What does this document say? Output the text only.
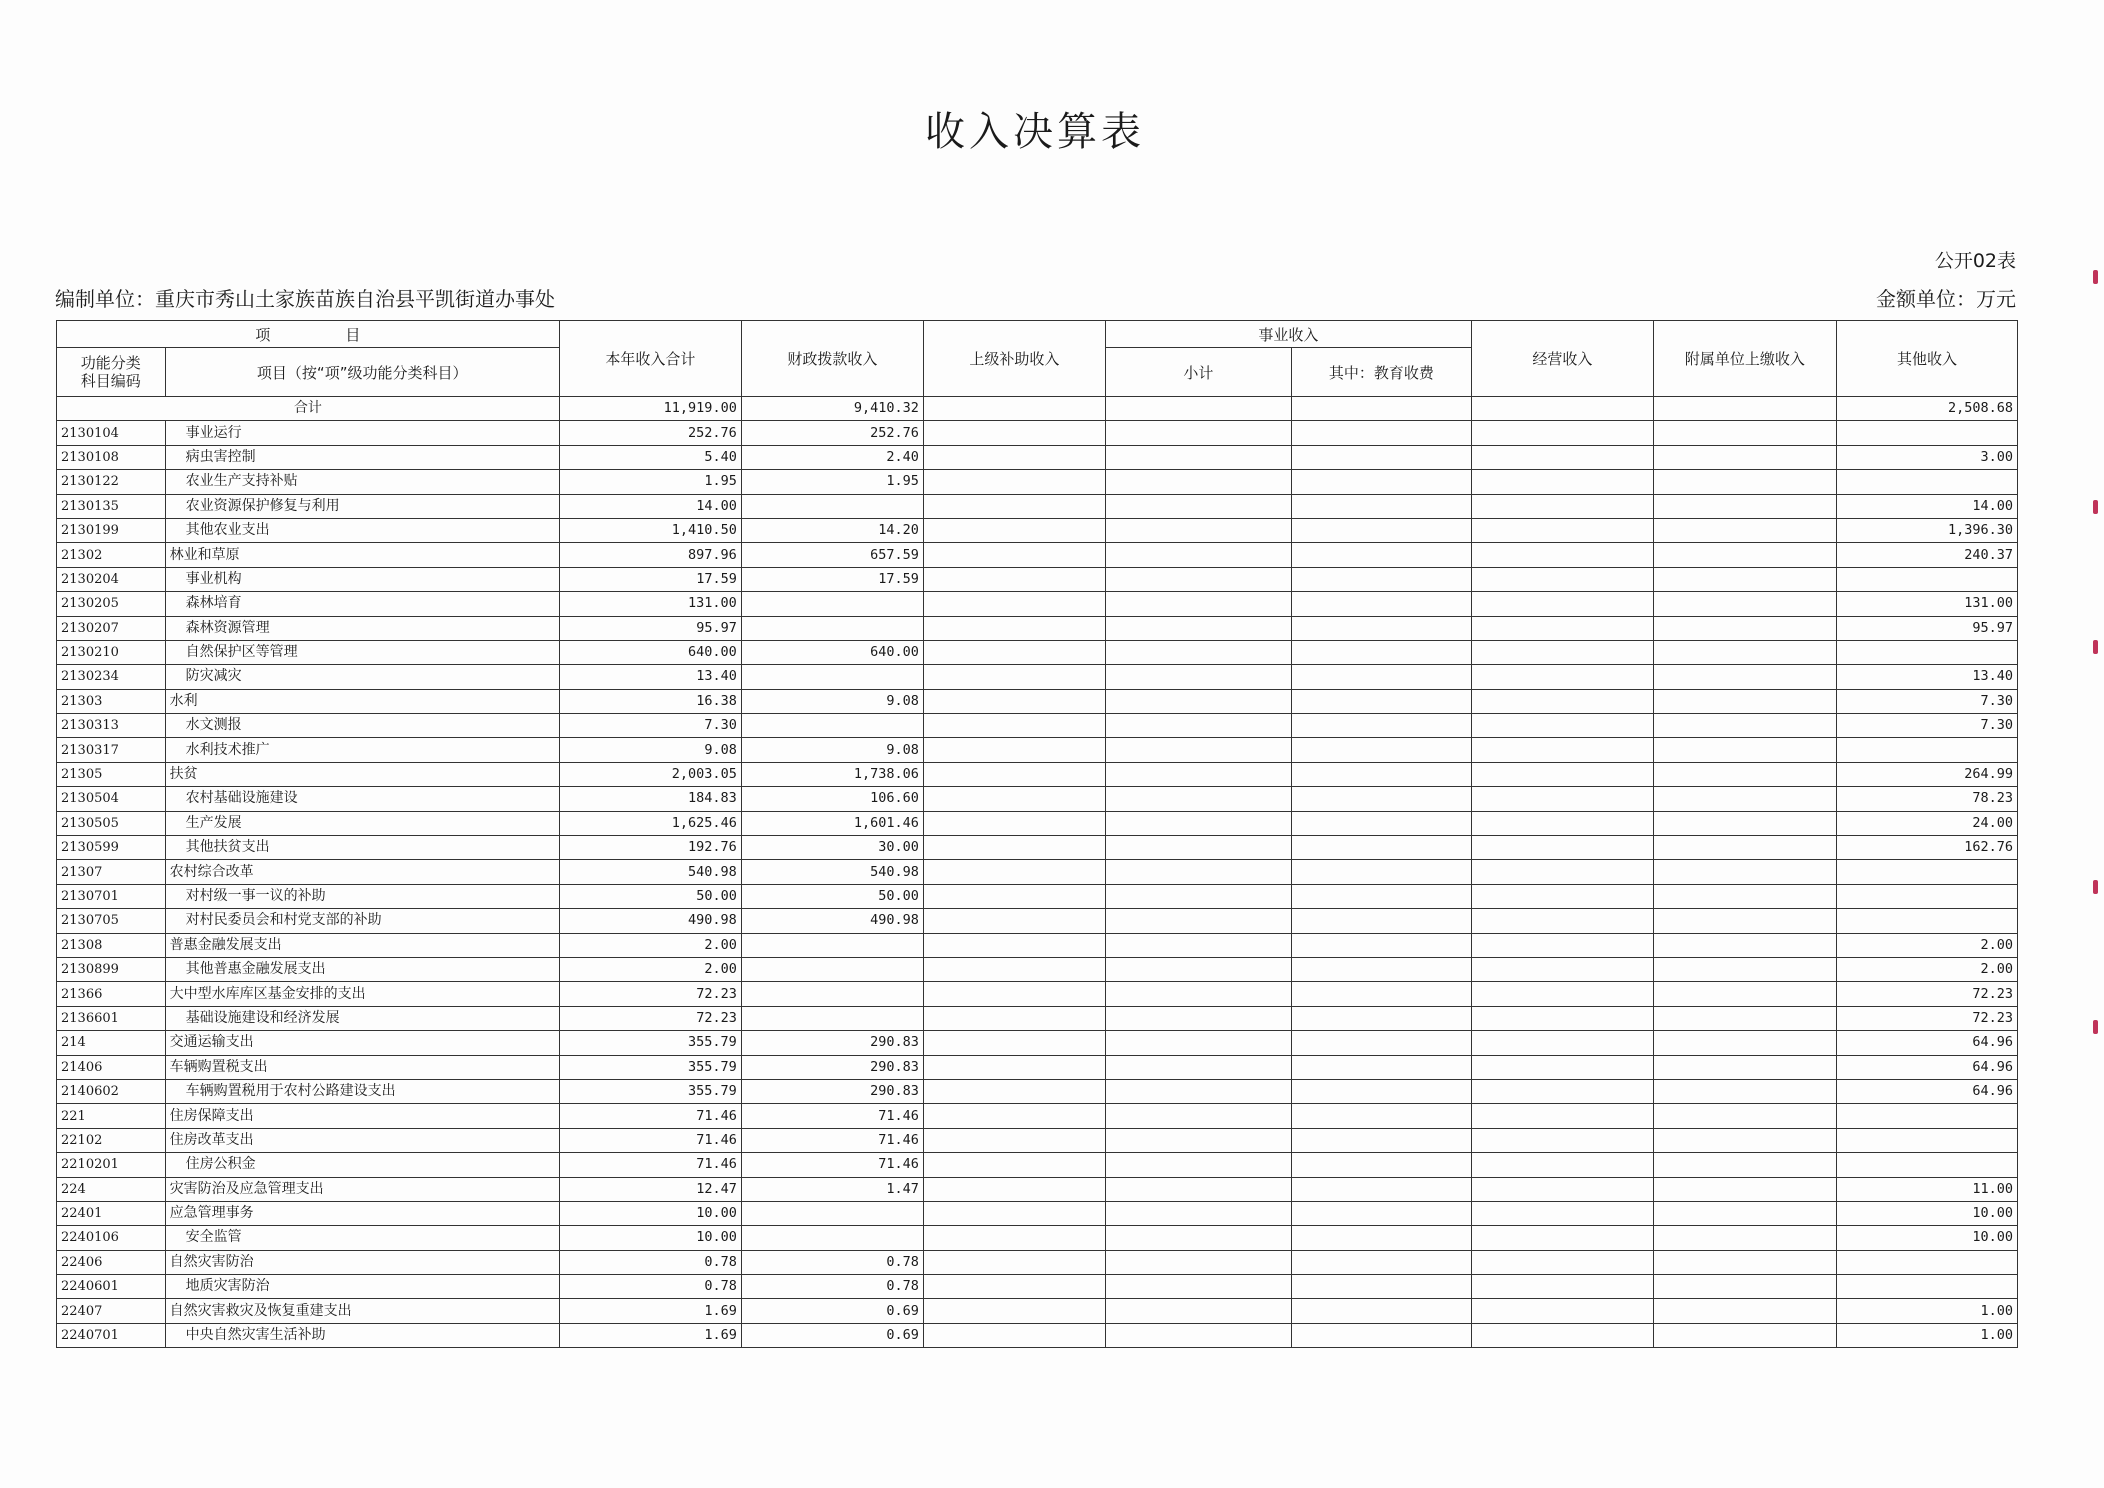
收入决算表
公开02表
编制单位：重庆市秀山土家族苗族自治县平凯街道办事处	金额单位：万元
项　　　　　目		本年收入合计	财政拨款收入	上级补助收入	事业收入		经营收入	附属单位上缴收入	其他收入
功能分类
科目编码	项目（按“项”级功能分类科目）								
					小计	其中：教育收费			
合计		11,919.00	9,410.32						2,508.68
2130104	事业运行	252.76	252.76						
2130108	病虫害控制	5.40	2.40						3.00
2130122	农业生产支持补贴	1.95	1.95						
2130135	农业资源保护修复与利用	14.00							14.00
2130199	其他农业支出	1,410.50	14.20						1,396.30
21302	林业和草原	897.96	657.59						240.37
2130204	事业机构	17.59	17.59						
2130205	森林培育	131.00							131.00
2130207	森林资源管理	95.97							95.97
2130210	自然保护区等管理	640.00	640.00						
2130234	防灾减灾	13.40							13.40
21303	水利	16.38	9.08						7.30
2130313	水文测报	7.30							7.30
2130317	水利技术推广	9.08	9.08						
21305	扶贫	2,003.05	1,738.06						264.99
2130504	农村基础设施建设	184.83	106.60						78.23
2130505	生产发展	1,625.46	1,601.46						24.00
2130599	其他扶贫支出	192.76	30.00						162.76
21307	农村综合改革	540.98	540.98						
2130701	对村级一事一议的补助	50.00	50.00						
2130705	对村民委员会和村党支部的补助	490.98	490.98						
21308	普惠金融发展支出	2.00							2.00
2130899	其他普惠金融发展支出	2.00							2.00
21366	大中型水库库区基金安排的支出	72.23							72.23
2136601	基础设施建设和经济发展	72.23							72.23
214	交通运输支出	355.79	290.83						64.96
21406	车辆购置税支出	355.79	290.83						64.96
2140602	车辆购置税用于农村公路建设支出	355.79	290.83						64.96
221	住房保障支出	71.46	71.46						
22102	住房改革支出	71.46	71.46						
2210201	住房公积金	71.46	71.46						
224	灾害防治及应急管理支出	12.47	1.47						11.00
22401	应急管理事务	10.00							10.00
2240106	安全监管	10.00							10.00
22406	自然灾害防治	0.78	0.78						
2240601	地质灾害防治	0.78	0.78						
22407	自然灾害救灾及恢复重建支出	1.69	0.69						1.00
2240701	中央自然灾害生活补助	1.69	0.69						1.00
